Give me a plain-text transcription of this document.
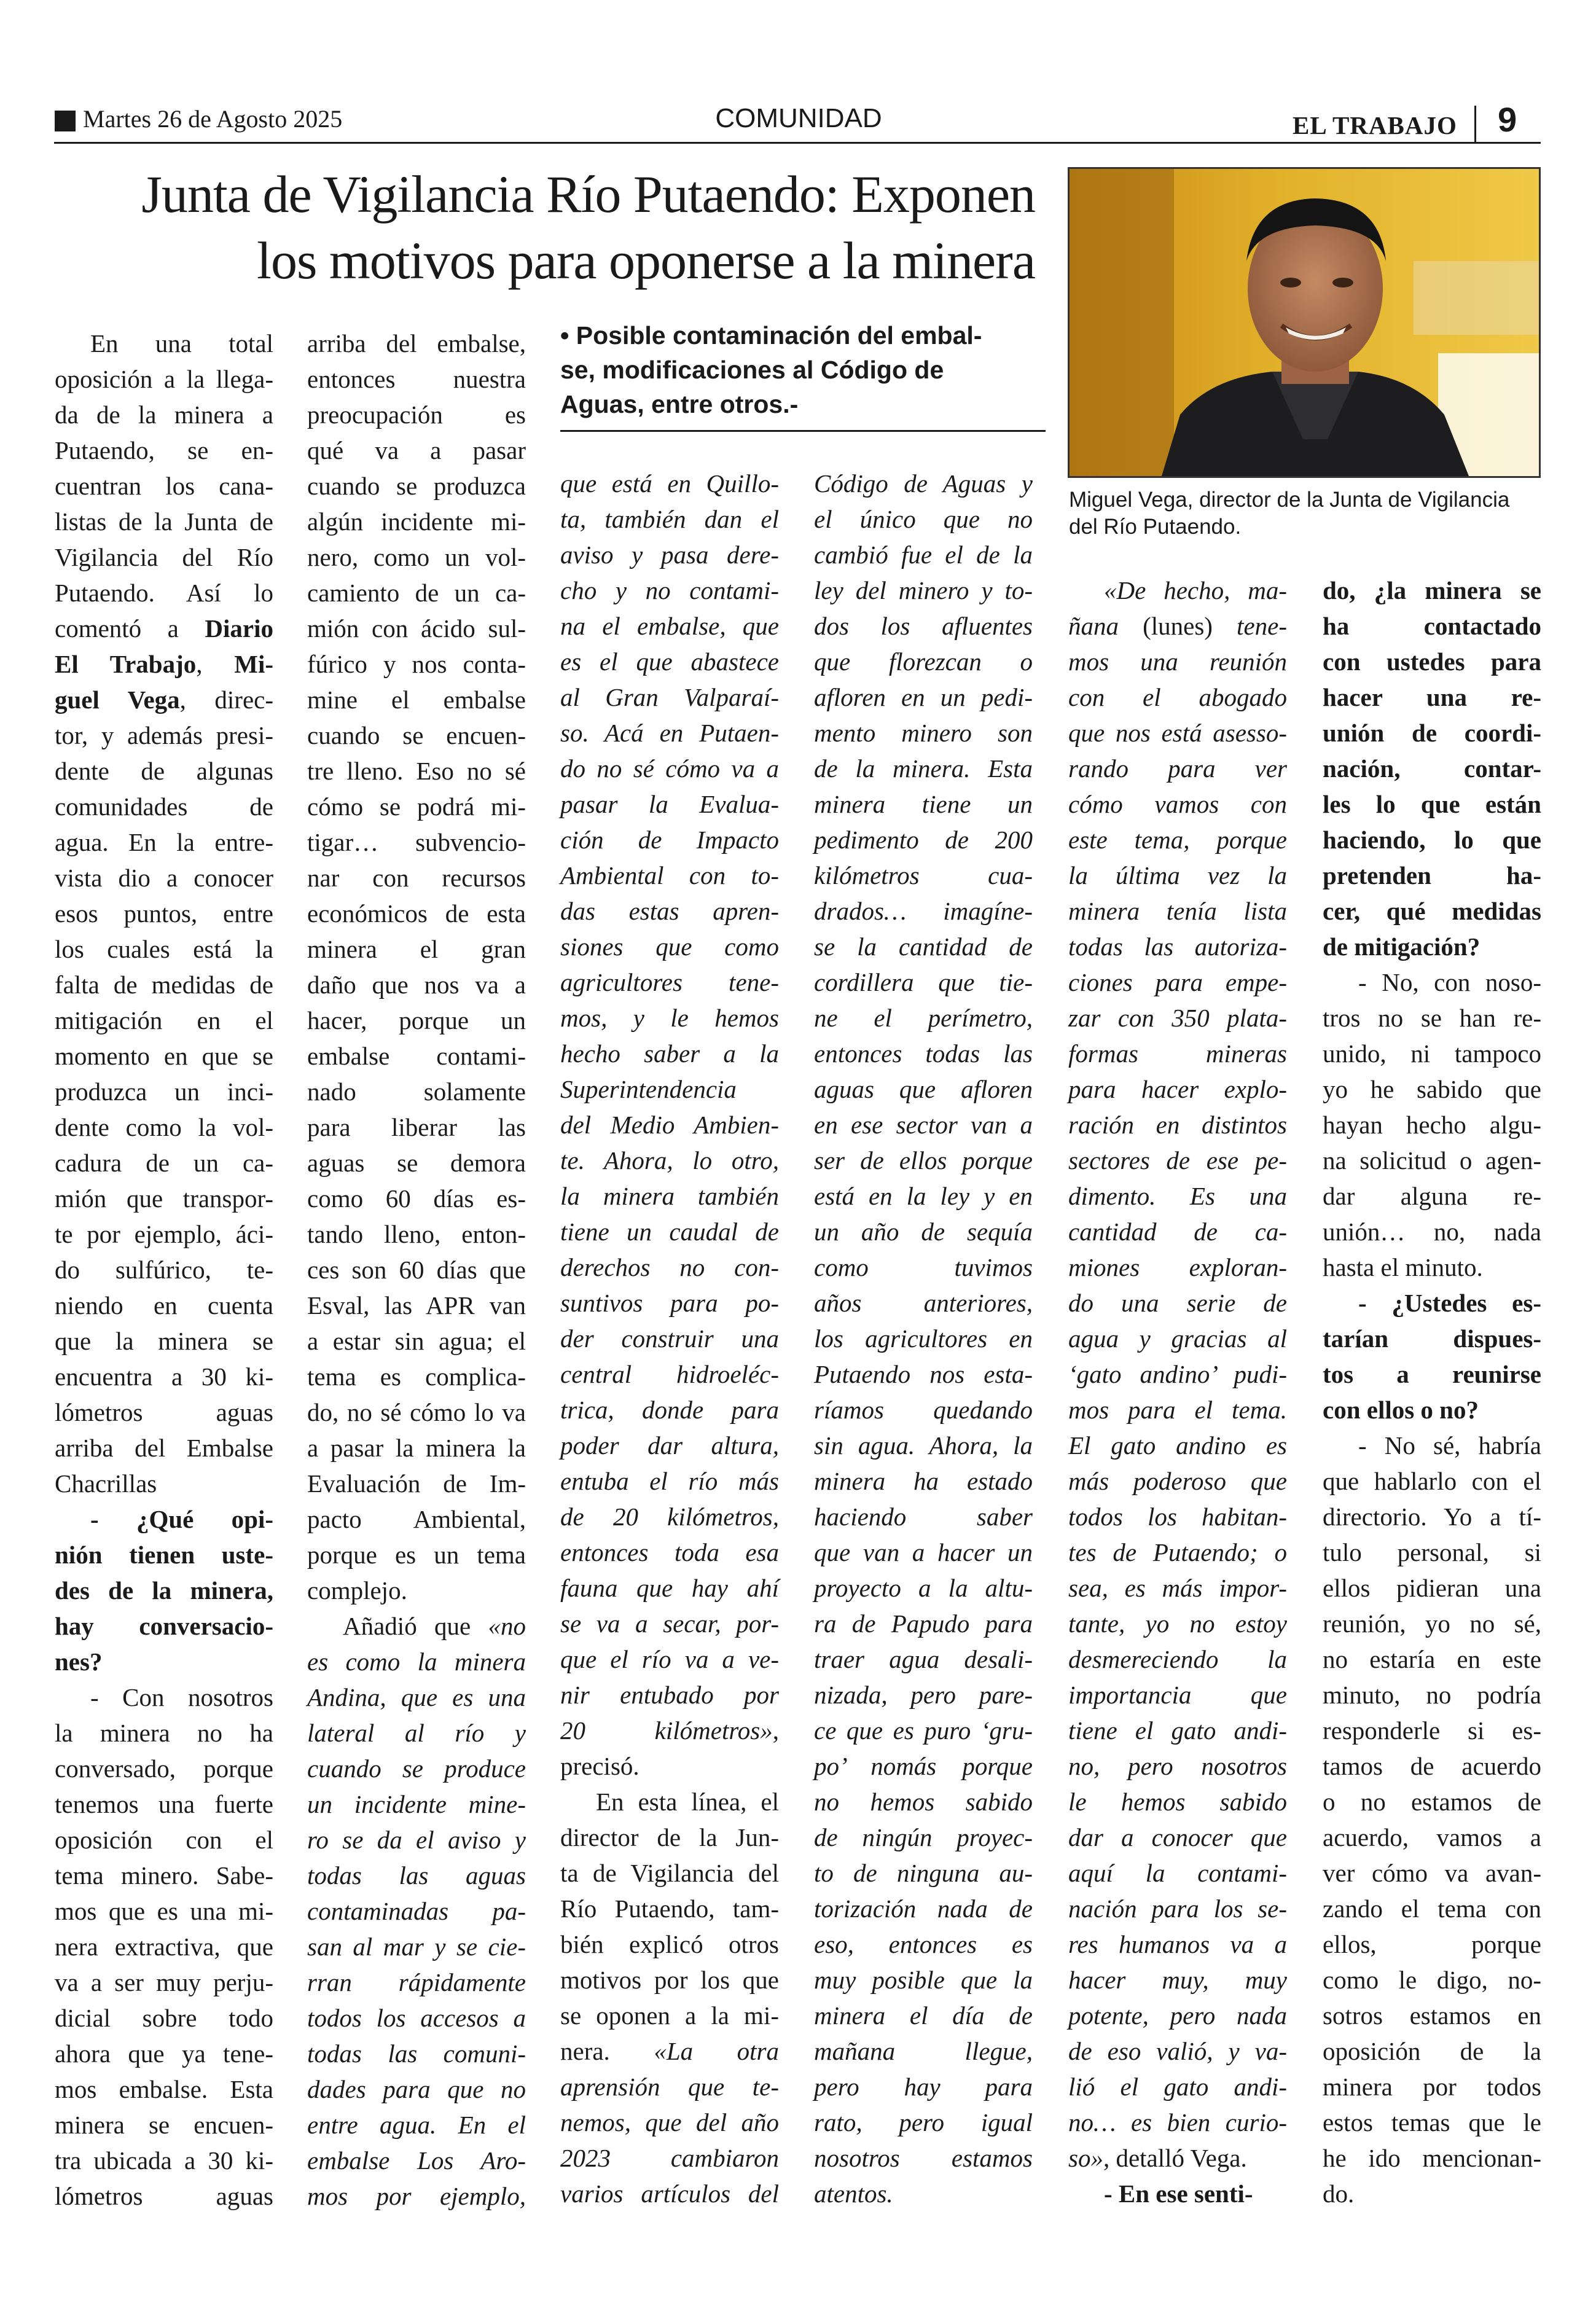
Martes 26 de Agosto 2025	COMUNIDAD	EL TRABAJO 9
Junta de Vigilancia Río Putaendo: Exponen
los motivos para oponerse a la minera
• Posible contaminación del embal-
se, modificaciones al Código de
Aguas, entre otros.-
Miguel Vega, director de la Junta de Vigilancia
del Río Putaendo.
En una total
oposición a la llega-
da de la minera a
Putaendo, se en-
cuentran los cana-
listas de la Junta de
Vigilancia del Río
Putaendo. Así lo
comentó a Diario
El Trabajo, Mi-
guel Vega, direc-
tor, y además presi-
dente de algunas
comunidades de
agua. En la entre-
vista dio a conocer
esos puntos, entre
los cuales está la
falta de medidas de
mitigación en el
momento en que se
produzca un inci-
dente como la vol-
cadura de un ca-
mión que transpor-
te por ejemplo, áci-
do sulfúrico, te-
niendo en cuenta
que la minera se
encuentra a 30 ki-
lómetros aguas
arriba del Embalse
Chacrillas
- ¿Qué opi-
nión tienen uste-
des de la minera,
hay conversacio-
nes?
- Con nosotros
la minera no ha
conversado, porque
tenemos una fuerte
oposición con el
tema minero. Sabe-
mos que es una mi-
nera extractiva, que
va a ser muy perju-
dicial sobre todo
ahora que ya tene-
mos embalse. Esta
minera se encuen-
tra ubicada a 30 ki-
lómetros aguas
arriba del embalse,
entonces nuestra
preocupación es
qué va a pasar
cuando se produzca
algún incidente mi-
nero, como un vol-
camiento de un ca-
mión con ácido sul-
fúrico y nos conta-
mine el embalse
cuando se encuen-
tre lleno. Eso no sé
cómo se podrá mi-
tigar… subvencio-
nar con recursos
económicos de esta
minera el gran
daño que nos va a
hacer, porque un
embalse contami-
nado solamente
para liberar las
aguas se demora
como 60 días es-
tando lleno, enton-
ces son 60 días que
Esval, las APR van
a estar sin agua; el
tema es complica-
do, no sé cómo lo va
a pasar la minera la
Evaluación de Im-
pacto Ambiental,
porque es un tema
complejo.
Añadió que «no
es como la minera
Andina, que es una
lateral al río y
cuando se produce
un incidente mine-
ro se da el aviso y
todas las aguas
contaminadas pa-
san al mar y se cie-
rran rápidamente
todos los accesos a
todas las comuni-
dades para que no
entre agua. En el
embalse Los Aro-
mos por ejemplo,
que está en Quillo-
ta, también dan el
aviso y pasa dere-
cho y no contami-
na el embalse, que
es el que abastece
al Gran Valparaí-
so. Acá en Putaen-
do no sé cómo va a
pasar la Evalua-
ción de Impacto
Ambiental con to-
das estas apren-
siones que como
agricultores tene-
mos, y le hemos
hecho saber a la
Superintendencia
del Medio Ambien-
te. Ahora, lo otro,
la minera también
tiene un caudal de
derechos no con-
suntivos para po-
der construir una
central hidroeléc-
trica, donde para
poder dar altura,
entuba el río más
de 20 kilómetros,
entonces toda esa
fauna que hay ahí
se va a secar, por-
que el río va a ve-
nir entubado por
20 kilómetros»,
precisó.
En esta línea, el
director de la Jun-
ta de Vigilancia del
Río Putaendo, tam-
bién explicó otros
motivos por los que
se oponen a la mi-
nera. «La otra
aprensión que te-
nemos, que del año
2023 cambiaron
varios artículos del
Código de Aguas y
el único que no
cambió fue el de la
ley del minero y to-
dos los afluentes
que florezcan o
afloren en un pedi-
mento minero son
de la minera. Esta
minera tiene un
pedimento de 200
kilómetros cua-
drados… imagíne-
se la cantidad de
cordillera que tie-
ne el perímetro,
entonces todas las
aguas que afloren
en ese sector van a
ser de ellos porque
está en la ley y en
un año de sequía
como tuvimos
años anteriores,
los agricultores en
Putaendo nos esta-
ríamos quedando
sin agua. Ahora, la
minera ha estado
haciendo saber
que van a hacer un
proyecto a la altu-
ra de Papudo para
traer agua desali-
nizada, pero pare-
ce que es puro ‘gru-
po’ nomás porque
no hemos sabido
de ningún proyec-
to de ninguna au-
torización nada de
eso, entonces es
muy posible que la
minera el día de
mañana llegue,
pero hay para
rato, pero igual
nosotros estamos
atentos.
«De hecho, ma-
ñana (lunes) tene-
mos una reunión
con el abogado
que nos está asesso-
rando para ver
cómo vamos con
este tema, porque
la última vez la
minera tenía lista
todas las autoriza-
ciones para empe-
zar con 350 plata-
formas mineras
para hacer explo-
ración en distintos
sectores de ese pe-
dimento. Es una
cantidad de ca-
miones exploran-
do una serie de
agua y gracias al
‘gato andino’ pudi-
mos para el tema.
El gato andino es
más poderoso que
todos los habitan-
tes de Putaendo; o
sea, es más impor-
tante, yo no estoy
desmereciendo la
importancia que
tiene el gato andi-
no, pero nosotros
le hemos sabido
dar a conocer que
aquí la contami-
nación para los se-
res humanos va a
hacer muy, muy
potente, pero nada
de eso valió, y va-
lió el gato andi-
no… es bien curio-
so», detalló Vega.
- En ese senti-
do, ¿la minera se
ha contactado
con ustedes para
hacer una re-
unión de coordi-
nación, contar-
les lo que están
haciendo, lo que
pretenden ha-
cer, qué medidas
de mitigación?
- No, con noso-
tros no se han re-
unido, ni tampoco
yo he sabido que
hayan hecho algu-
na solicitud o agen-
dar alguna re-
unión… no, nada
hasta el minuto.
- ¿Ustedes es-
tarían dispues-
tos a reunirse
con ellos o no?
- No sé, habría
que hablarlo con el
directorio. Yo a tí-
tulo personal, si
ellos pidieran una
reunión, yo no sé,
no estaría en este
minuto, no podría
responderle si es-
tamos de acuerdo
o no estamos de
acuerdo, vamos a
ver cómo va avan-
zando el tema con
ellos, porque
como le digo, no-
sotros estamos en
oposición de la
minera por todos
estos temas que le
he ido mencionan-
do.
